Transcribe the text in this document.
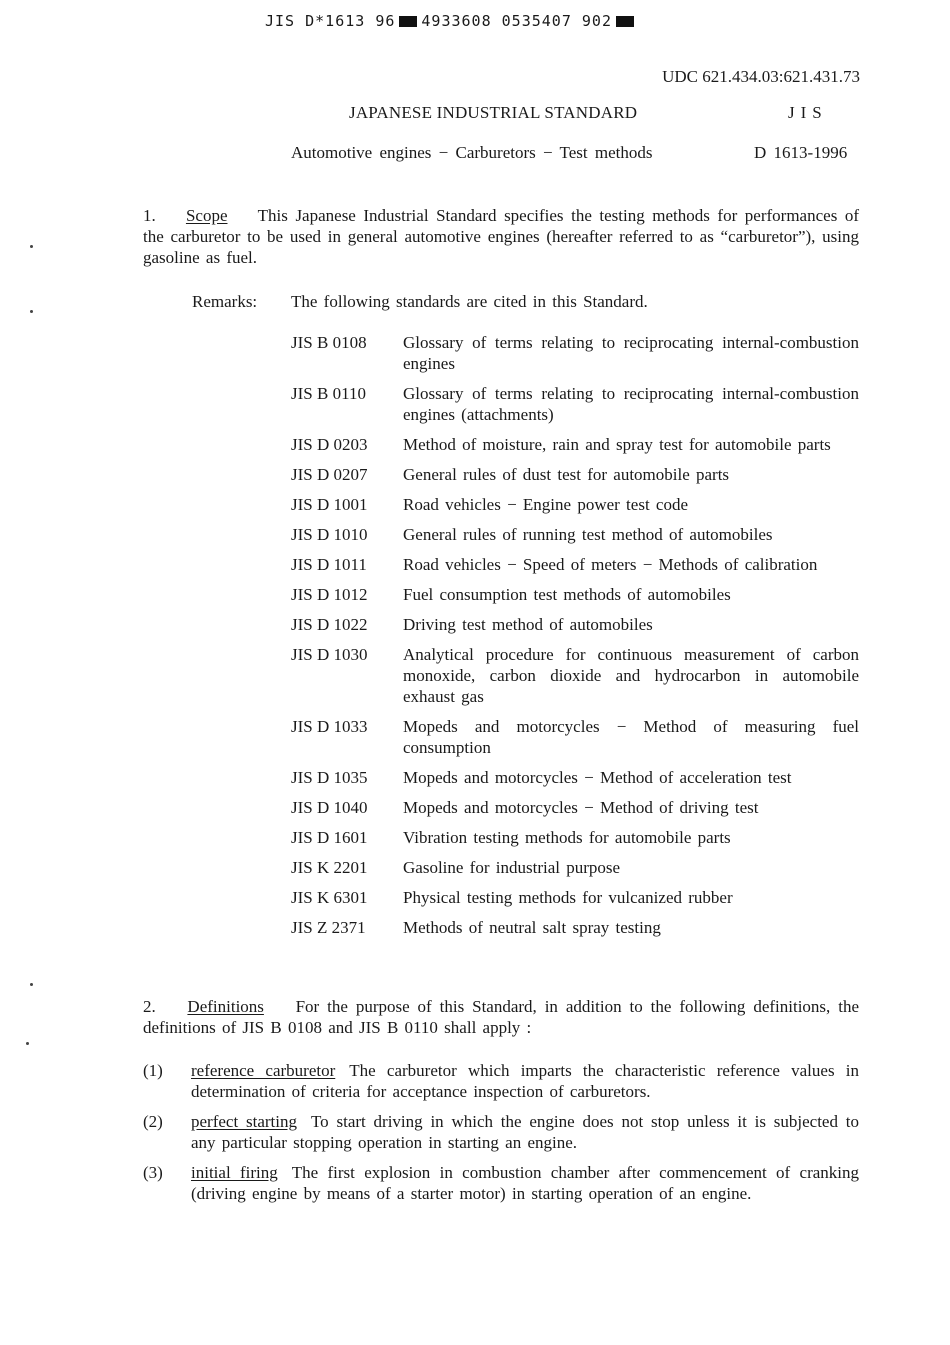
JIS D*1613 96 4933608 0535407 902
UDC 621.434.03:621.431.73
JAPANESE INDUSTRIAL STANDARD	JIS
Automotive engines − Carburetors − Test methods	D 1613-1996
1. Scope This Japanese Industrial Standard specifies the testing methods for performances of the carburetor to be used in general automotive engines (hereafter referred to as “carburetor”), using gasoline as fuel.
Remarks: The following standards are cited in this Standard.
JIS B 0108	Glossary of terms relating to reciprocating internal-combustion engines
JIS B 0110	Glossary of terms relating to reciprocating internal-combustion engines (attachments)
JIS D 0203	Method of moisture, rain and spray test for automobile parts
JIS D 0207	General rules of dust test for automobile parts
JIS D 1001	Road vehicles − Engine power test code
JIS D 1010	General rules of running test method of automobiles
JIS D 1011	Road vehicles − Speed of meters − Methods of calibration
JIS D 1012	Fuel consumption test methods of automobiles
JIS D 1022	Driving test method of automobiles
JIS D 1030	Analytical procedure for continuous measurement of carbon monoxide, carbon dioxide and hydrocarbon in automobile exhaust gas
JIS D 1033	Mopeds and motorcycles − Method of measuring fuel consumption
JIS D 1035	Mopeds and motorcycles − Method of acceleration test
JIS D 1040	Mopeds and motorcycles − Method of driving test
JIS D 1601	Vibration testing methods for automobile parts
JIS K 2201	Gasoline for industrial purpose
JIS K 6301	Physical testing methods for vulcanized rubber
JIS Z 2371	Methods of neutral salt spray testing
2. Definitions For the purpose of this Standard, in addition to the following definitions, the definitions of JIS B 0108 and JIS B 0110 shall apply :
(1)	reference carburetor The carburetor which imparts the characteristic reference values in determination of criteria for acceptance inspection of carburetors.
(2)	perfect starting To start driving in which the engine does not stop unless it is subjected to any particular stopping operation in starting an engine.
(3)	initial firing The first explosion in combustion chamber after commencement of cranking (driving engine by means of a starter motor) in starting operation of an engine.
